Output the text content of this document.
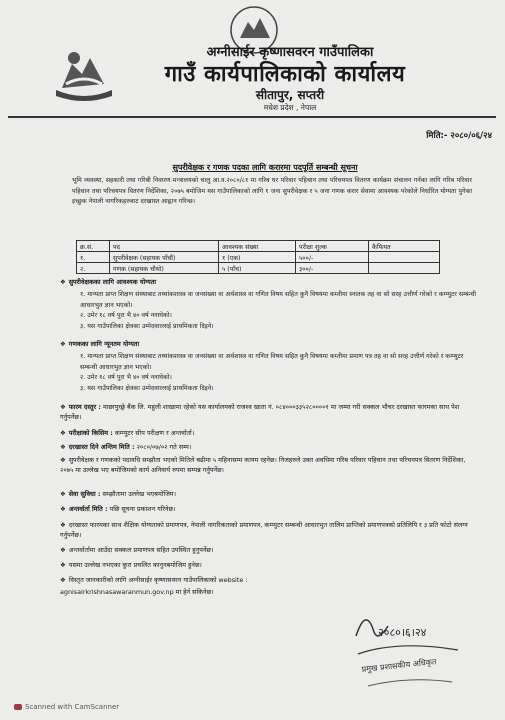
अग्नीसाईर कृष्णासवरन गाउँपालिका
गाउँ कार्यपालिकाको कार्यालय
सीतापुर, सप्तरी
मधेश प्रदेश , नेपाल
मिति:- २०८०/०६/२४
सुपरीवेक्षक र गणक पदका लागि करारमा पदपूर्ति सम्बन्धी सूचना
भूमि व्यवस्था, सहकारी तथा गरिबी निवारण मन्त्रालयको चालु आ.व.२०८०/८१ मा गरिब घर परिवार पहिचान तथा परिचयपत्र वितरण कार्यक्रम संचालन गर्नका लागि गरिब परिवार पहिचान तथा परिचयपत्र वितरण निर्देशिका, २०७५ बमोजिम यस गाउँपालिकाको लागि १ जना सुपरीवेक्षक र ५ जना गणक करार सेवामा आवश्यक परेकोले निर्धारित योग्यता पुगेका इच्छुक नेपाली नागरिकहरुबाट दरखास्त आह्वान गरिन्छ।
क्र.सं.	पद	आवश्यक संख्या	परीक्षा शुल्क	कैफियत
१.	सुपरीवेक्षक (सहायक पाँचौं)	१ (एक)	५००/-	
२.	गणक (सहायक चौथो)	५ (पाँच)	३००/-	
❖ सुपरीवेक्षकका लागि आवश्यक योग्यता
१. मान्यता प्राप्त शिक्षण संस्थाबाट तथ्यांकशास्त्र वा जनसंख्या वा अर्थशास्त्र वा गणित विषय सहित कुनै विषयमा कम्तीमा स्नातक तह वा सो सरह उत्तीर्ण गरेको र कम्प्युटर सम्बन्धी आधारभुत ज्ञान भएको।
२. उमेर १८ वर्ष पुरा भै ४० वर्ष ननाघेको।
३. यस गाउँपालिका क्षेत्रका उम्मेदवारलाई प्राथमिकता दिइने।
❖ गणकका लागि न्यूनतम योग्यता
१. मान्यता प्राप्त शिक्षण संस्थाबाट तथ्यांकशास्त्र वा जनसंख्या वा अर्थशास्त्र वा गणित विषय सहित कुनै विषयमा कम्तीमा प्रमाण पत्र तह वा सो सरह उत्तीर्ण गरेको र कम्प्युटर सम्बन्धी आधारभुत ज्ञान भएको।
२. उमेर १८ वर्ष पुरा भै ४० वर्ष ननाघेको।
३. यस गाउँपालिका क्षेत्रका उम्मेदवारलाई प्राथमिकता दिइने।
❖ फारम दस्तुर : माछापुच्छ्रे बैंक लि. महुली शाखामा रहेको यस कार्यालयको राजश्व खाता नं. ०८४०००३३५२८००००१ मा जम्मा गरी सक्कल भौचर दरखास्त फारमका साथ पेश गर्नुपर्नेछ।
❖ परीक्षाको किसिम : कम्प्युटर सीप परीक्षण र अन्तर्वार्ता।
❖ दरखास्त दिने अन्तिम मिति : २०८०/०७/०२ गते सम्म।
❖ सुपरीवेक्षक र गणकको पदावधि सम्झौता भएको मितिले बढीमा ५ महिनासम्म कायम रहनेछ। निजहरुले उक्त अवधिमा गरिब परिवार पहिचान तथा परिचयपत्र वितरण निर्देशिका, २०७५ मा उल्लेख भए बमोजिमको कार्य अनिवार्य रुपमा सम्पन्न गर्नुपर्नेछ।
❖ सेवा सुविधा : सम्झौतामा उल्लेख भएबमोजिम।
❖ अन्तर्वार्ता मिति : पछि सूचना प्रकाशन गरिनेछ।
❖ दरखास्त फारमका साथ शैक्षिक योग्यताको प्रमाणपत्र, नेपाली नागरिकताको प्रमाणपत्र, कम्प्युटर सम्बन्धी आधारभुत तालिम प्राप्तिको प्रमाणपत्रको प्रतिलिपि र ३ प्रति फोटो संलग्न गर्नुपर्नेछ।
❖ अन्तर्वार्तामा आउँदा सक्कल प्रमाणपत्र सहित उपस्थित हुनुपर्नेछ।
❖ यसमा उल्लेख नभएका कुरा प्रचलित कानुनबमोजिम हुनेछ।
❖ विस्तृत जानकारीको लागि अग्नीसाईर कृष्णासवरन गाउँपालिकाको website :
agnisairkrishnasawaranmun.gov.np मा हेर्न सकिनेछ।
२०८०।६।२४
प्रमुख प्रशासकीय अधिकृत
Scanned with CamScanner
